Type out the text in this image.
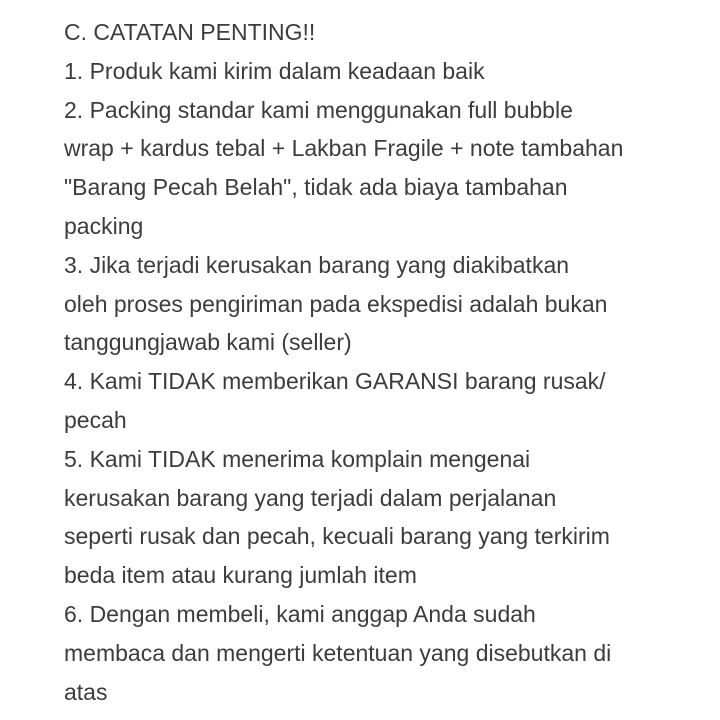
C. CATATAN PENTING!!
1. Produk kami kirim dalam keadaan baik
2. Packing standar kami menggunakan full bubble
wrap + kardus tebal + Lakban Fragile + note tambahan
"Barang Pecah Belah", tidak ada biaya tambahan
packing
3. Jika terjadi kerusakan barang yang diakibatkan
oleh proses pengiriman pada ekspedisi adalah bukan
tanggungjawab kami (seller)
4. Kami TIDAK memberikan GARANSI barang rusak/
pecah
5. Kami TIDAK menerima komplain mengenai
kerusakan barang yang terjadi dalam perjalanan
seperti rusak dan pecah, kecuali barang yang terkirim
beda item atau kurang jumlah item
6. Dengan membeli, kami anggap Anda sudah
membaca dan mengerti ketentuan yang disebutkan di
atas
